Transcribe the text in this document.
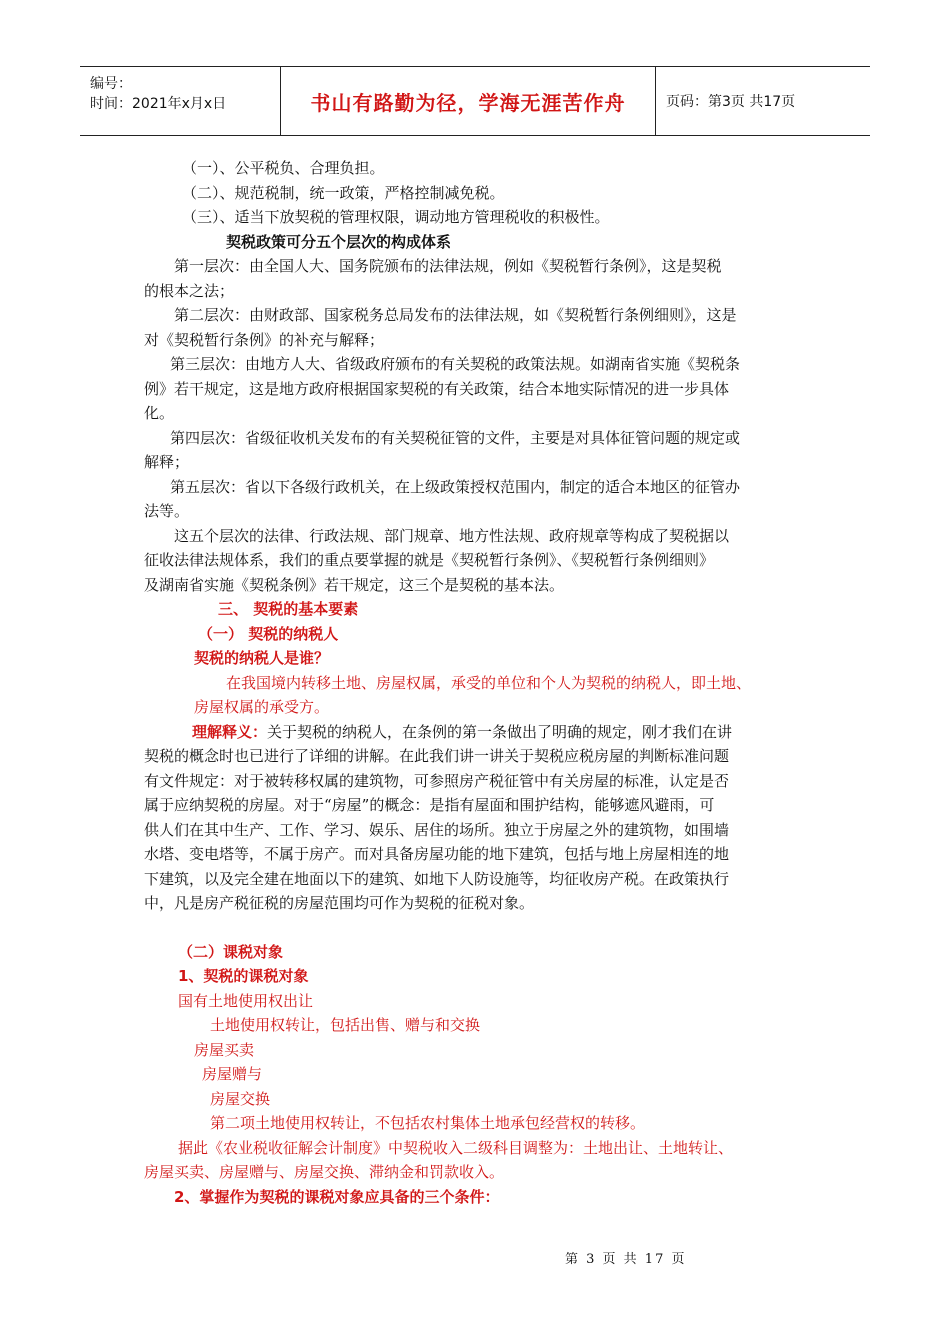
编号：
时间：2021年x月x日	书山有路勤为径，学海无涯苦作舟	页码：第3页 共17页
（一）、公平税负、合理负担。
（二）、规范税制，统一政策，严格控制减免税。
（三）、适当下放契税的管理权限，调动地方管理税收的积极性。
契税政策可分五个层次的构成体系
第一层次：由全国人大、国务院颁布的法律法规，例如《契税暂行条例》，这是契税
的根本之法；
第二层次：由财政部、国家税务总局发布的法律法规，如《契税暂行条例细则》，这是
对《契税暂行条例》的补充与解释；
第三层次：由地方人大、省级政府颁布的有关契税的政策法规。如湖南省实施《契税条
例》若干规定，这是地方政府根据国家契税的有关政策，结合本地实际情况的进一步具体
化。
第四层次：省级征收机关发布的有关契税征管的文件，主要是对具体征管问题的规定或
解释；
第五层次：省以下各级行政机关，在上级政策授权范围内，制定的适合本地区的征管办
法等。
这五个层次的法律、行政法规、部门规章、地方性法规、政府规章等构成了契税据以
征收法律法规体系，我们的重点要掌握的就是《契税暂行条例》、《契税暂行条例细则》
及湖南省实施《契税条例》若干规定，这三个是契税的基本法。
三、 契税的基本要素
（一） 契税的纳税人
契税的纳税人是谁？
在我国境内转移土地、房屋权属，承受的单位和个人为契税的纳税人，即土地、
房屋权属的承受方。
理解释义：关于契税的纳税人，在条例的第一条做出了明确的规定，刚才我们在讲
契税的概念时也已进行了详细的讲解。在此我们讲一讲关于契税应税房屋的判断标准问题
有文件规定：对于被转移权属的建筑物，可参照房产税征管中有关房屋的标准，认定是否
属于应纳契税的房屋。对于“房屋”的概念：是指有屋面和围护结构，能够遮风避雨，可
供人们在其中生产、工作、学习、娱乐、居住的场所。独立于房屋之外的建筑物，如围墙
水塔、变电塔等，不属于房产。而对具备房屋功能的地下建筑，包括与地上房屋相连的地
下建筑，以及完全建在地面以下的建筑、如地下人防设施等，均征收房产税。在政策执行
中，凡是房产税征税的房屋范围均可作为契税的征税对象。
（二）课税对象
1、契税的课税对象
国有土地使用权出让
土地使用权转让，包括出售、赠与和交换
房屋买卖
房屋赠与
房屋交换
第二项土地使用权转让，不包括农村集体土地承包经营权的转移。
据此《农业税收征解会计制度》中契税收入二级科目调整为：土地出让、土地转让、
房屋买卖、房屋赠与、房屋交换、滞纳金和罚款收入。
2、掌握作为契税的课税对象应具备的三个条件：
第 3 页 共 17 页
